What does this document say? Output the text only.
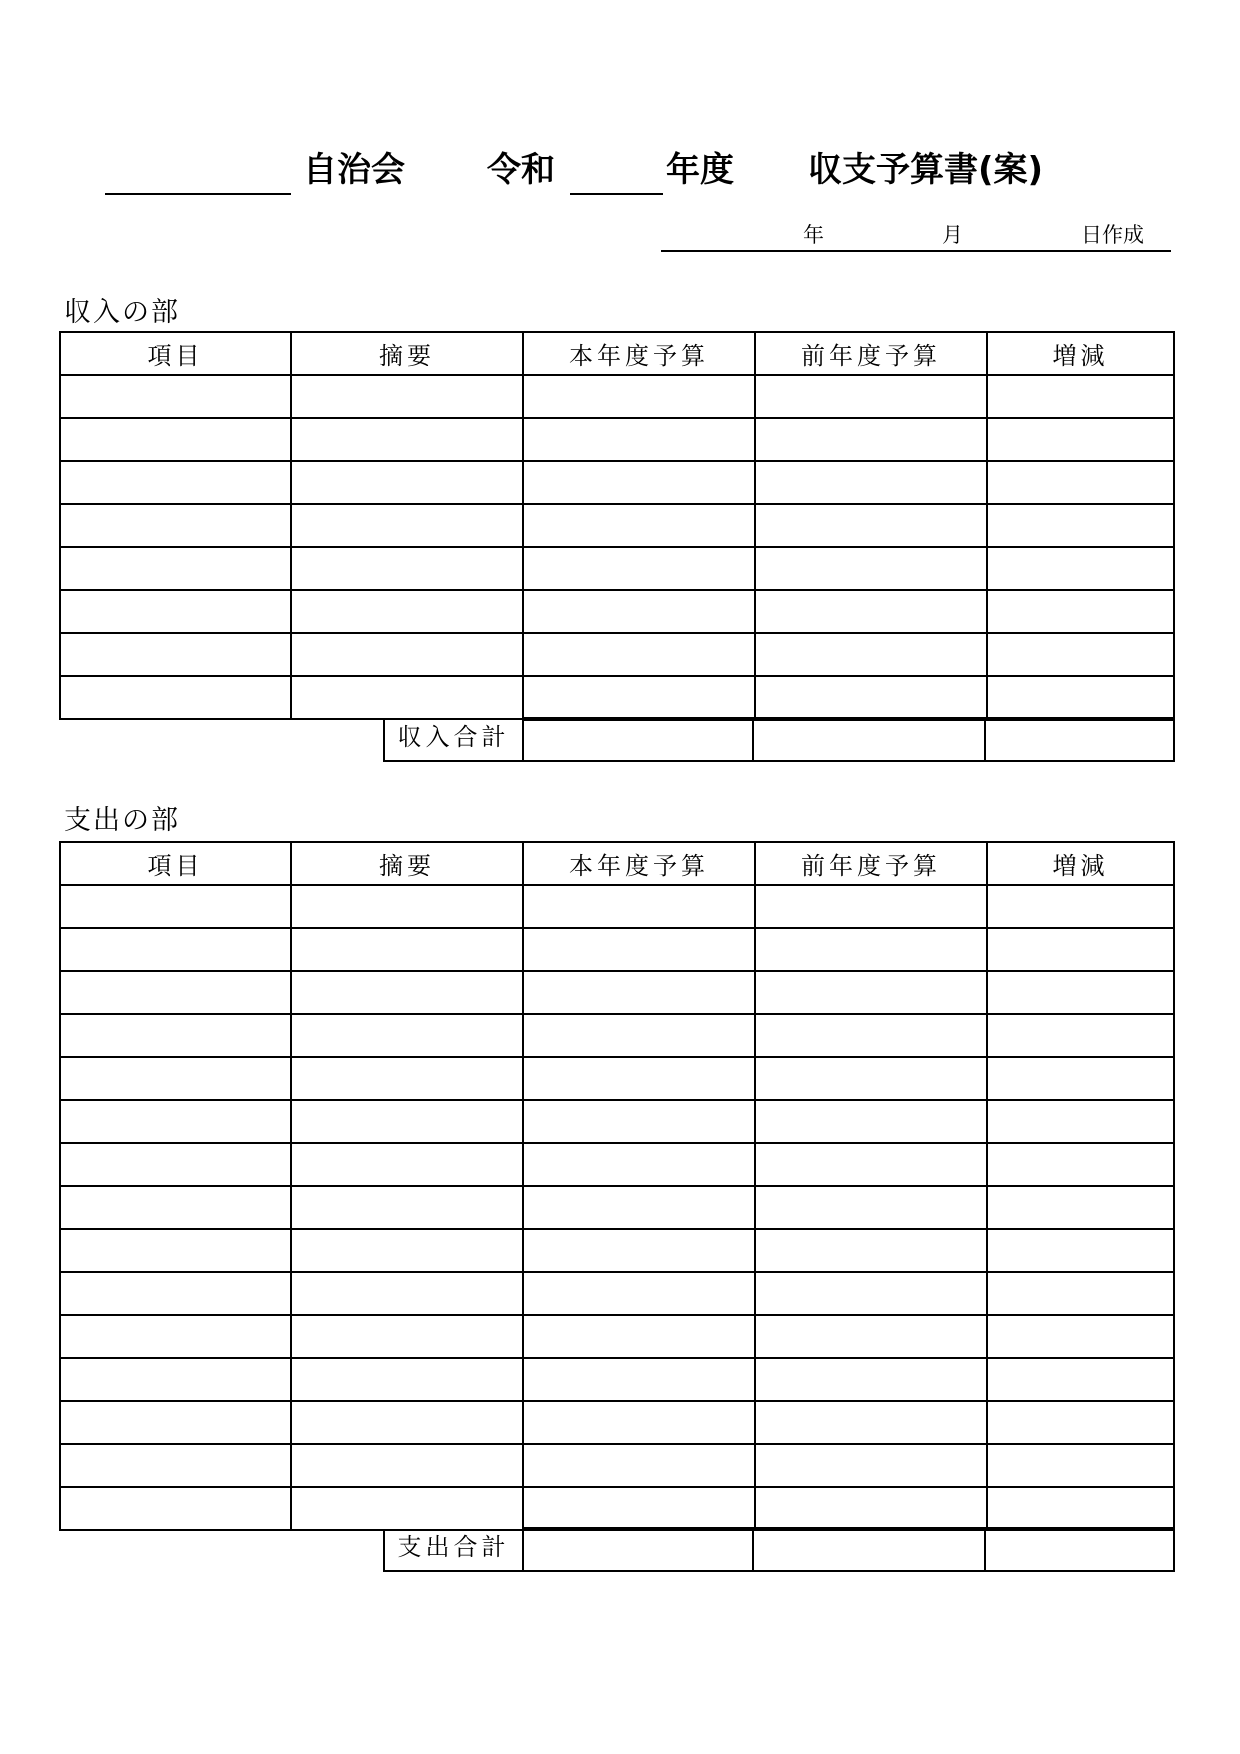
自治会 令和	年度 収支予算書(案)
年	月	日作成
収入の部
項目	摘要	本年度予算	前年度予算	増減

収入合計
支出の部
項目	摘要	本年度予算	前年度予算	増減

支出合計
